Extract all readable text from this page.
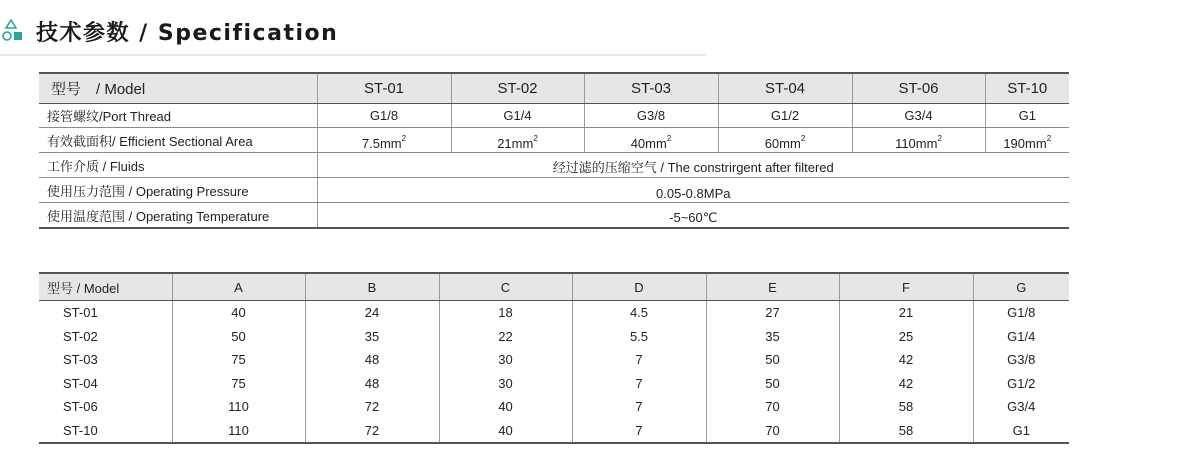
技术参数 / Specification
型号　/ Model	ST-01	ST-02	ST-03	ST-04	ST-06	ST-10
接管螺纹/Port Thread	G1/8	G1/4	G3/8	G1/2	G3/4	G1
有效截面积/ Efficient Sectional Area	$7.5mm^2$	$21mm^2$	$40mm^2$	$60mm^2$	$110mm^2$	$190mm^2$
工作介质 / Fluids	经过滤的压缩空气 / The constrirgent after filtered					
使用压力范围 / Operating Pressure	0.05-0.8MPa					
使用温度范围 / Operating Temperature	-5~60℃					
型号 / Model	A	B	C	D	E	F	G
ST-01	40	24	18	4.5	27	21	G1/8
ST-02	50	35	22	5.5	35	25	G1/4
ST-03	75	48	30	7	50	42	G3/8
ST-04	75	48	30	7	50	42	G1/2
ST-06	110	72	40	7	70	58	G3/4
ST-10	110	72	40	7	70	58	G1
